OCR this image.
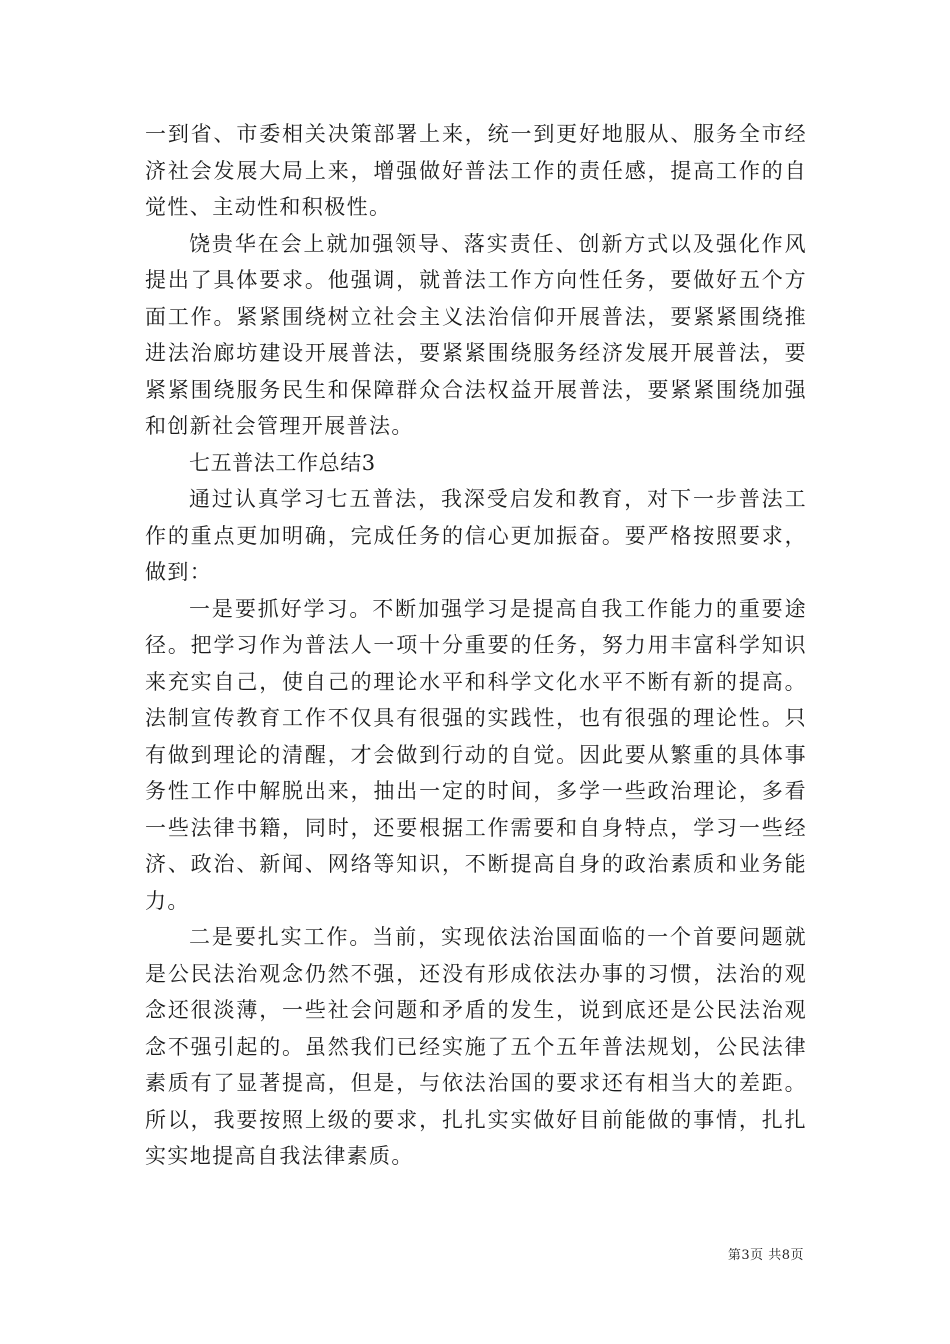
一到省、市委相关决策部署上来，统一到更好地服从、服务全市经济社会发展大局上来，增强做好普法工作的责任感，提高工作的自觉性、主动性和积极性。

饶贵华在会上就加强领导、落实责任、创新方式以及强化作风提出了具体要求。他强调，就普法工作方向性任务，要做好五个方面工作。紧紧围绕树立社会主义法治信仰开展普法，要紧紧围绕推进法治廊坊建设开展普法，要紧紧围绕服务经济发展开展普法，要紧紧围绕服务民生和保障群众合法权益开展普法，要紧紧围绕加强和创新社会管理开展普法。

七五普法工作总结3

通过认真学习七五普法，我深受启发和教育，对下一步普法工作的重点更加明确，完成任务的信心更加振奋。要严格按照要求，做到：

一是要抓好学习。不断加强学习是提高自我工作能力的重要途径。把学习作为普法人一项十分重要的任务，努力用丰富科学知识来充实自己，使自己的理论水平和科学文化水平不断有新的提高。法制宣传教育工作不仅具有很强的实践性，也有很强的理论性。只有做到理论的清醒，才会做到行动的自觉。因此要从繁重的具体事务性工作中解脱出来，抽出一定的时间，多学一些政治理论，多看一些法律书籍，同时，还要根据工作需要和自身特点，学习一些经济、政治、新闻、网络等知识，不断提高自身的政治素质和业务能力。

二是要扎实工作。当前，实现依法治国面临的一个首要问题就是公民法治观念仍然不强，还没有形成依法办事的习惯，法治的观念还很淡薄，一些社会问题和矛盾的发生，说到底还是公民法治观念不强引起的。虽然我们已经实施了五个五年普法规划，公民法律素质有了显著提高，但是，与依法治国的要求还有相当大的差距。所以，我要按照上级的要求，扎扎实实做好目前能做的事情，扎扎实实地提高自我法律素质。

第3页 共8页
